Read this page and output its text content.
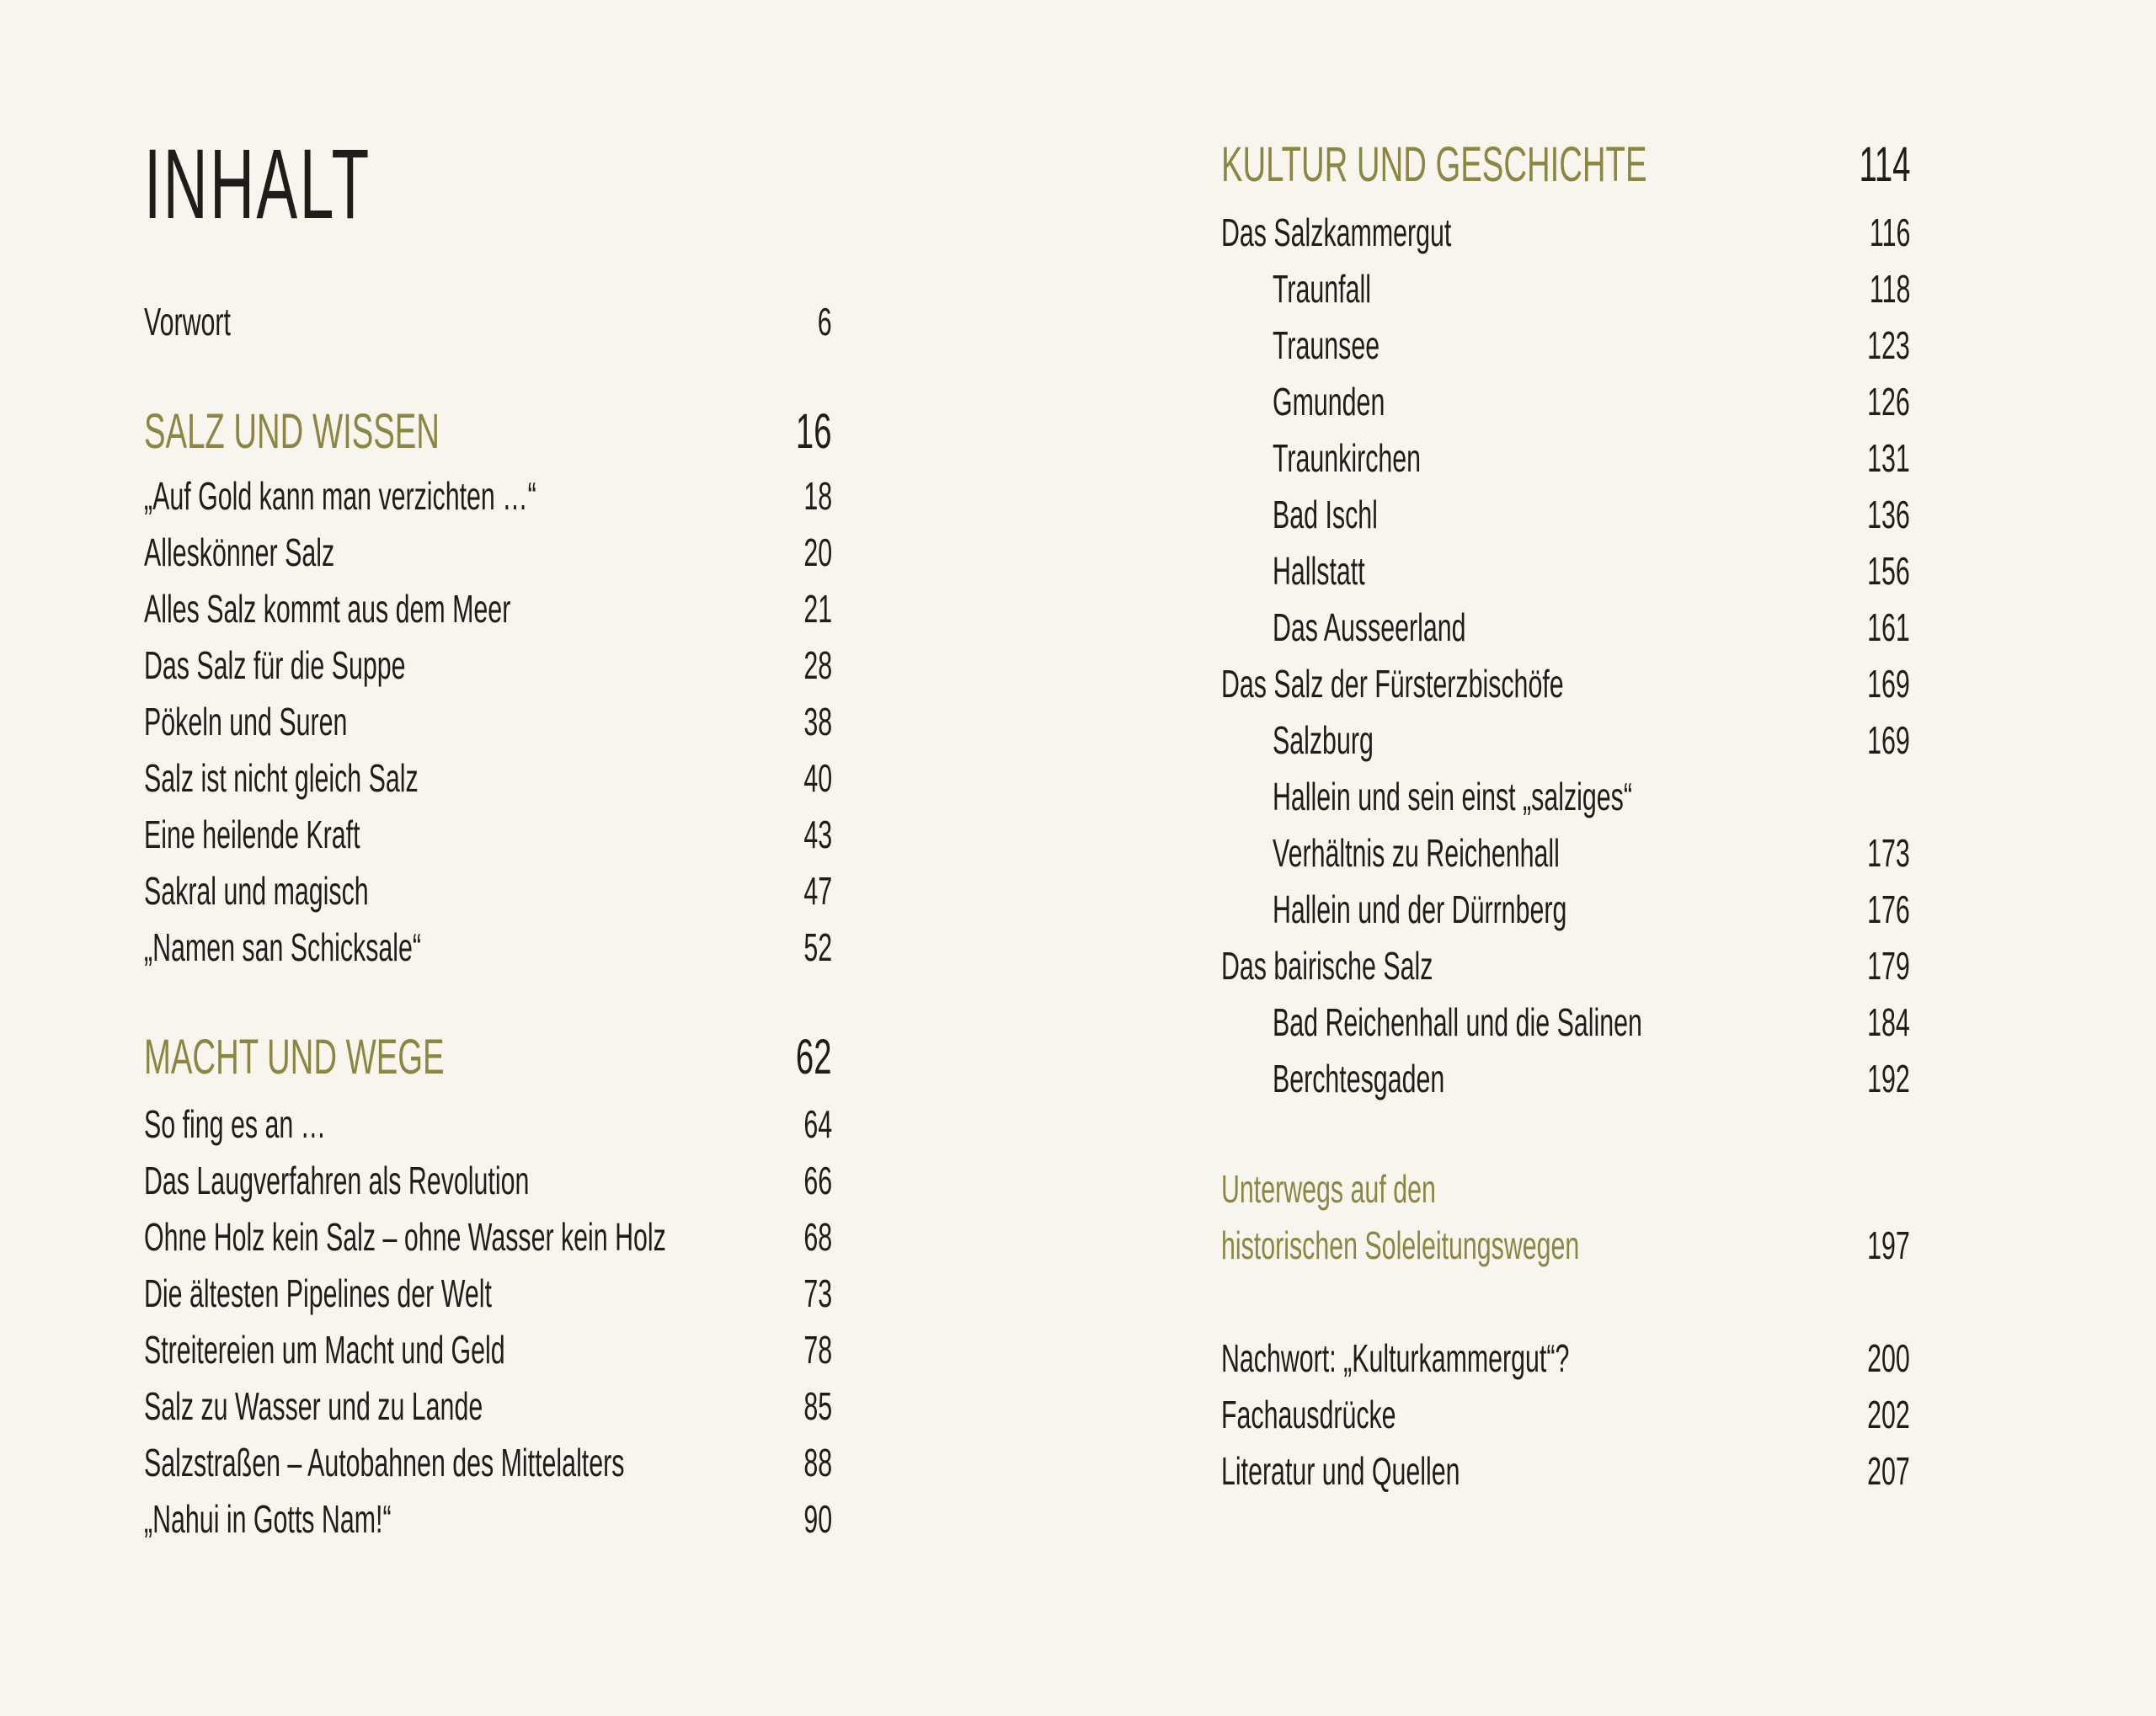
INHALT
Vorwort	6
SALZ UND WISSEN	16
„Auf Gold kann man verzichten …“	18
Alleskönner Salz	20
Alles Salz kommt aus dem Meer	21
Das Salz für die Suppe	28
Pökeln und Suren	38
Salz ist nicht gleich Salz	40
Eine heilende Kraft	43
Sakral und magisch	47
„Namen san Schicksale“	52
MACHT UND WEGE	62
So fing es an …	64
Das Laugverfahren als Revolution	66
Ohne Holz kein Salz – ohne Wasser kein Holz	68
Die ältesten Pipelines der Welt	73
Streitereien um Macht und Geld	78
Salz zu Wasser und zu Lande	85
Salzstraßen – Autobahnen des Mittelalters	88
„Nahui in Gotts Nam!“	90
KULTUR UND GESCHICHTE	114
Das Salzkammergut	116
Traunfall	118
Traunsee	123
Gmunden	126
Traunkirchen	131
Bad Ischl	136
Hallstatt	156
Das Ausseerland	161
Das Salz der Fürsterzbischöfe	169
Salzburg	169
Hallein und sein einst „salziges“
Verhältnis zu Reichenhall	173
Hallein und der Dürrnberg	176
Das bairische Salz	179
Bad Reichenhall und die Salinen	184
Berchtesgaden	192
Unterwegs auf den
historischen Soleleitungswegen	197
Nachwort: „Kulturkammergut“?	200
Fachausdrücke	202
Literatur und Quellen	207
